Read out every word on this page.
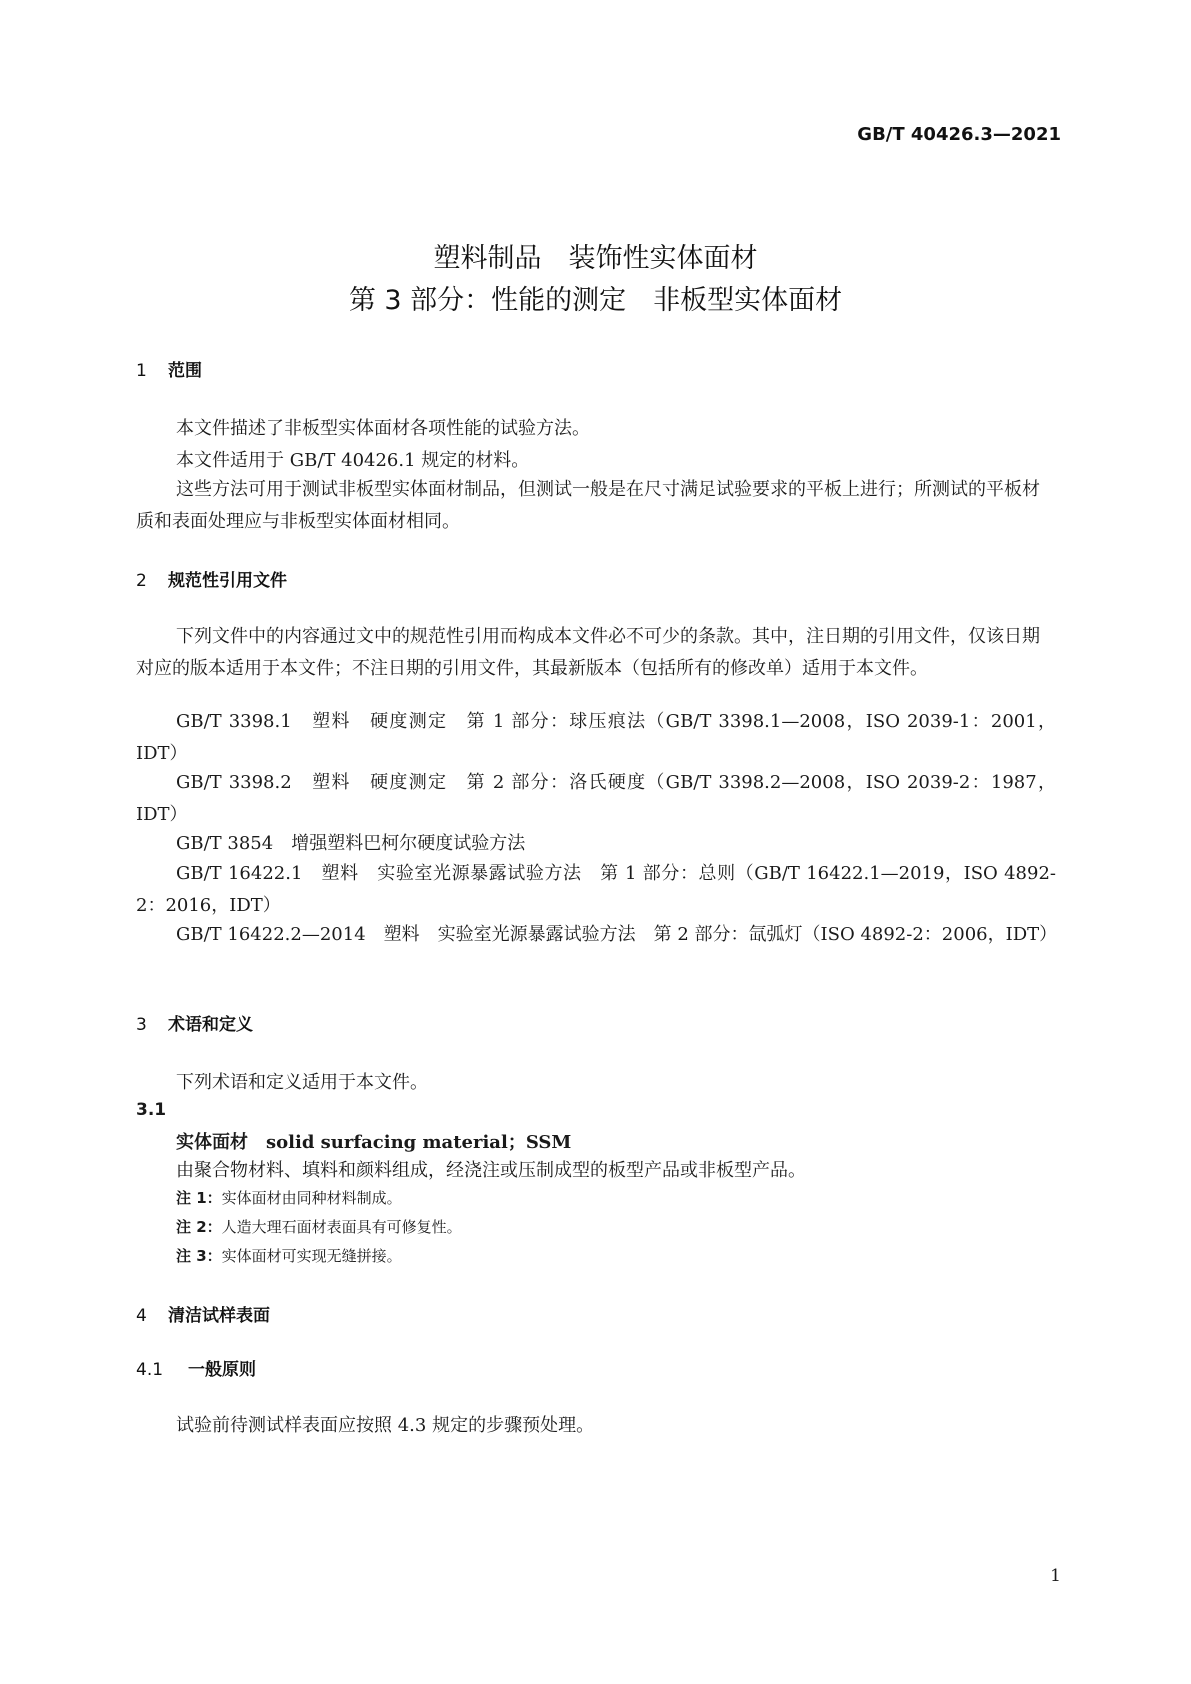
GB/T 40426.3—2021
塑料制品　装饰性实体面材
第 3 部分：性能的测定　非板型实体面材
1 范围
本文件描述了非板型实体面材各项性能的试验方法。
本文件适用于 GB/T 40426.1 规定的材料。
这些方法可用于测试非板型实体面材制品，但测试一般是在尺寸满足试验要求的平板上进行；所测试的平板材质和表面处理应与非板型实体面材相同。
2 规范性引用文件
下列文件中的内容通过文中的规范性引用而构成本文件必不可少的条款。其中，注日期的引用文件，仅该日期对应的版本适用于本文件；不注日期的引用文件，其最新版本（包括所有的修改单）适用于本文件。
GB/T 3398.1　塑料　硬度测定　第 1 部分：球压痕法（GB/T 3398.1—2008，ISO 2039-1：2001，IDT）
GB/T 3398.2　塑料　硬度测定　第 2 部分：洛氏硬度（GB/T 3398.2—2008，ISO 2039-2：1987，IDT）
GB/T 3854　增强塑料巴柯尔硬度试验方法
GB/T 16422.1　塑料　实验室光源暴露试验方法　第 1 部分：总则（GB/T 16422.1—2019，ISO 4892-2：2016，IDT）
GB/T 16422.2—2014　塑料　实验室光源暴露试验方法　第 2 部分：氙弧灯（ISO 4892-2：2006，IDT）
3 术语和定义
下列术语和定义适用于本文件。
3.1
实体面材　solid surfacing material；SSM
由聚合物材料、填料和颜料组成，经浇注或压制成型的板型产品或非板型产品。
注 1：实体面材由同种材料制成。
注 2：人造大理石面材表面具有可修复性。
注 3：实体面材可实现无缝拼接。
4 清洁试样表面
4.1 一般原则
试验前待测试样表面应按照 4.3 规定的步骤预处理。
1
